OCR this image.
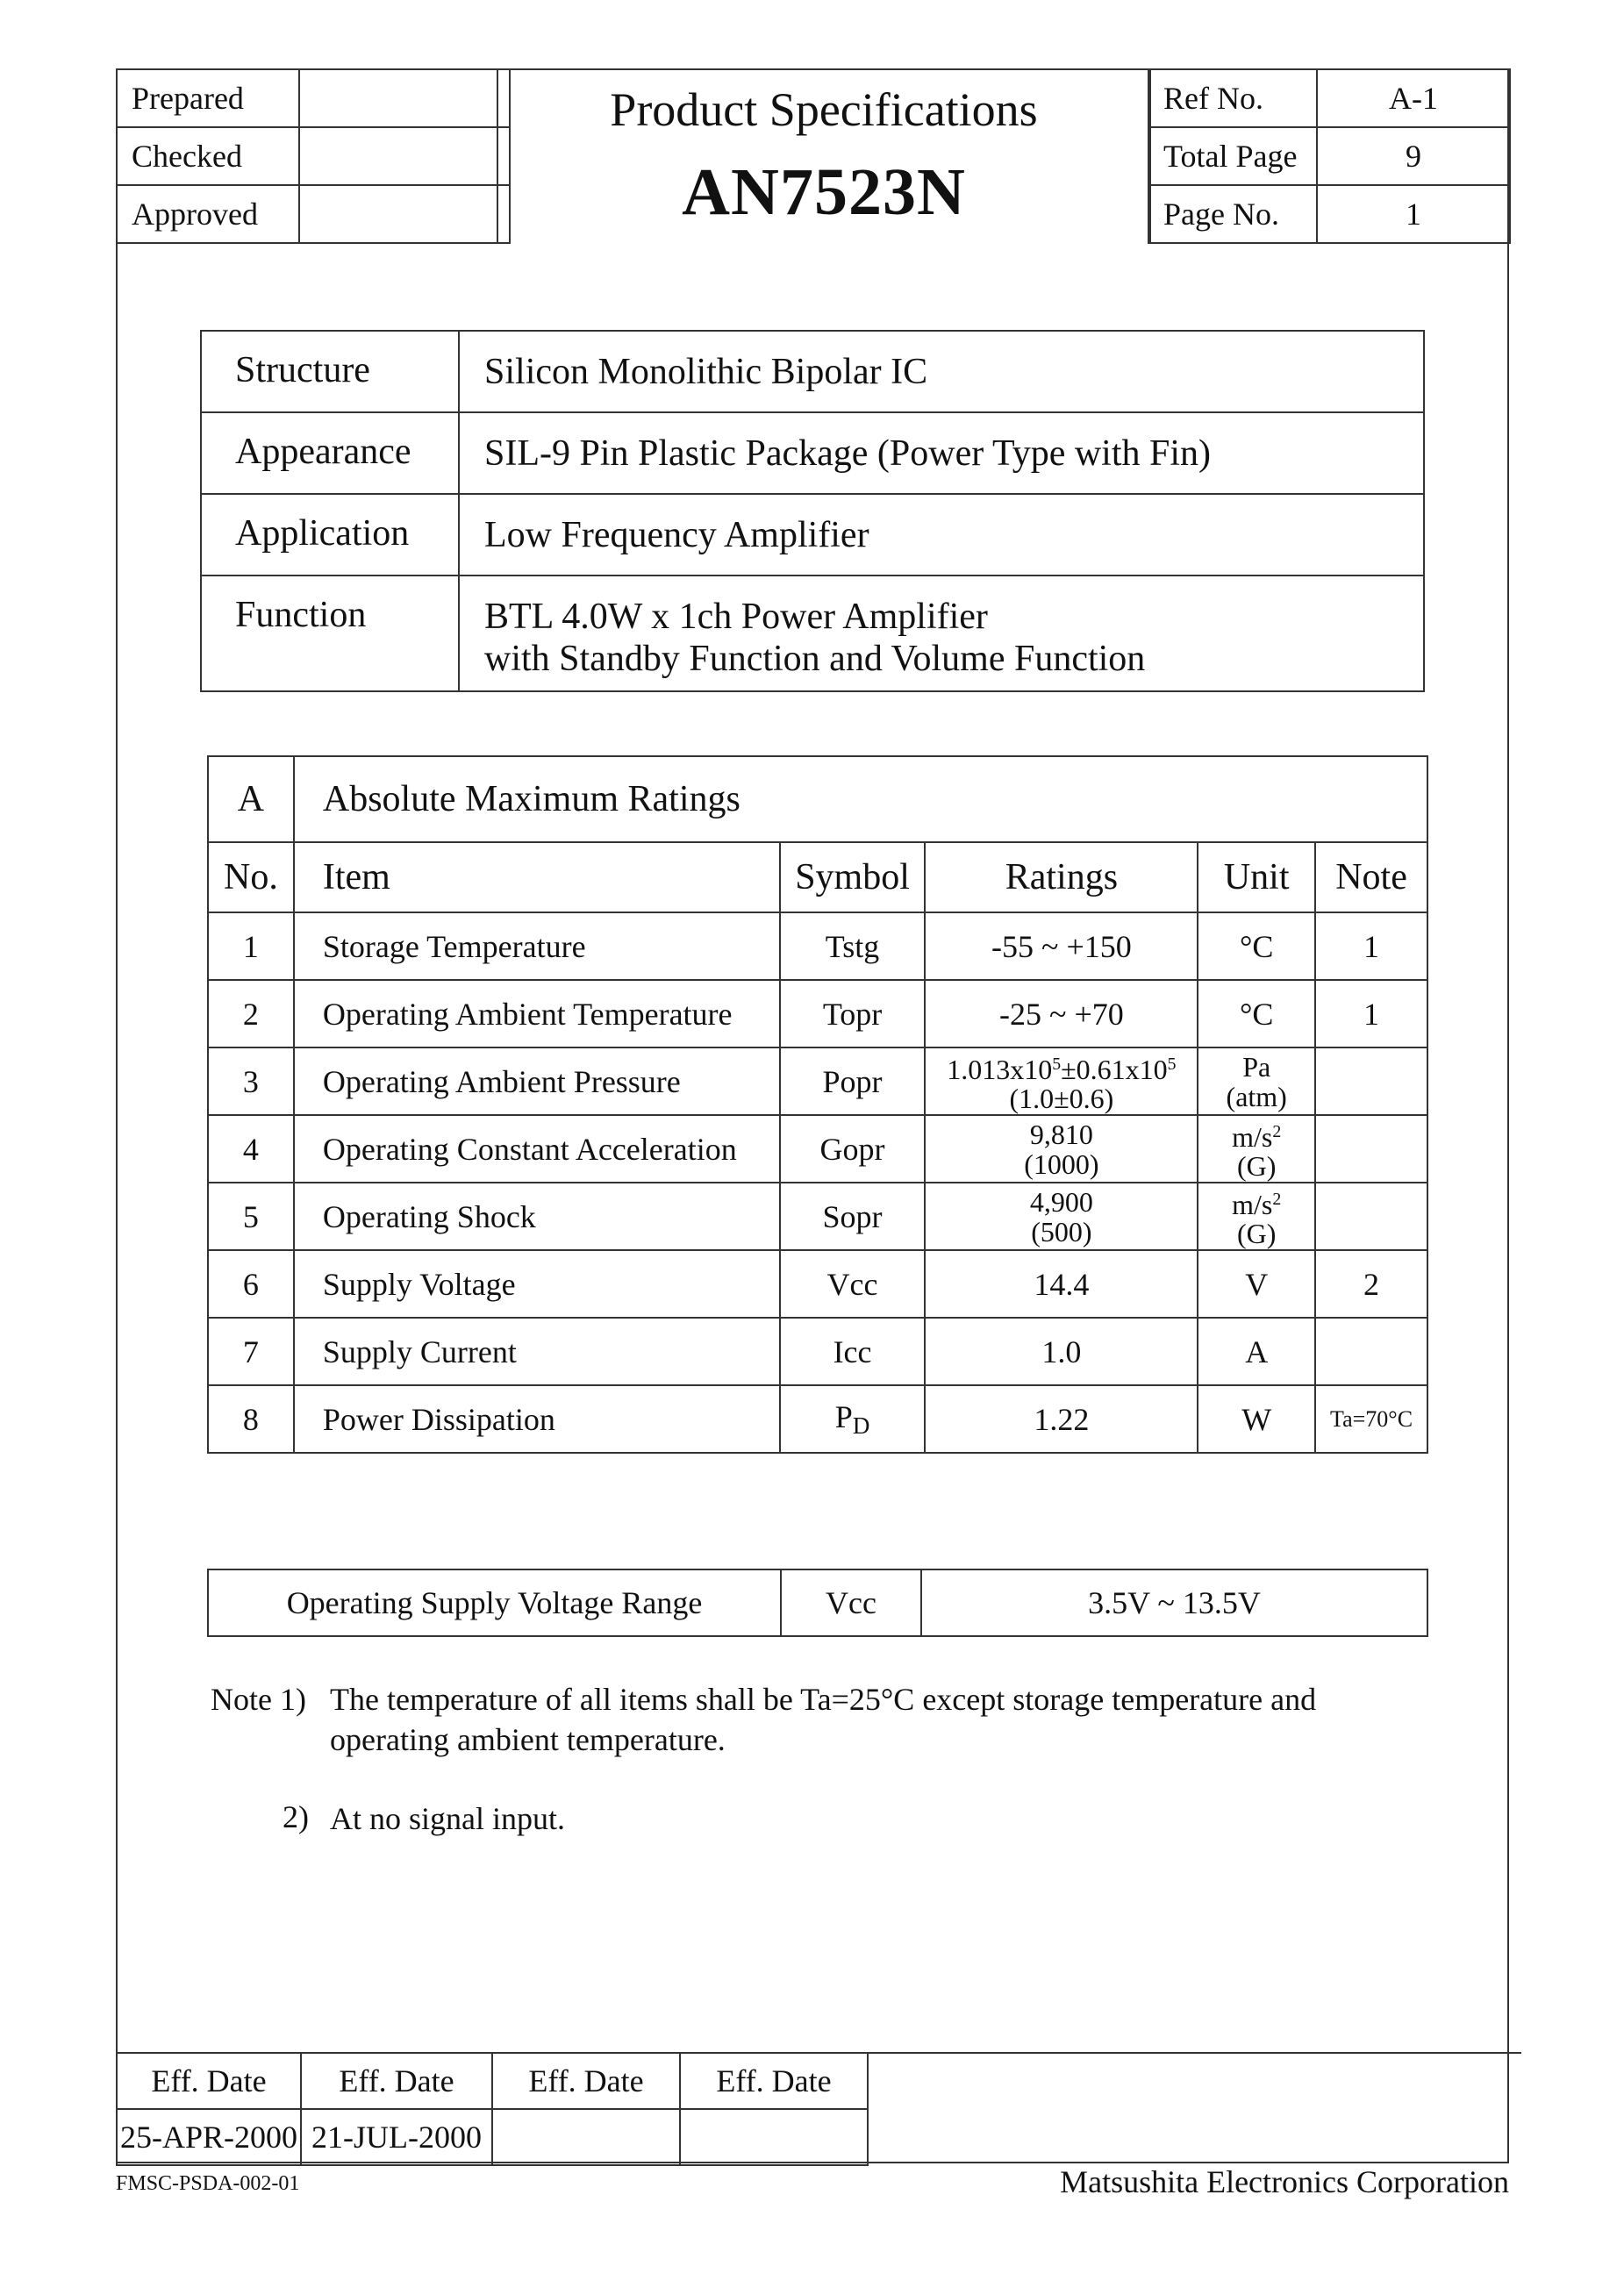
Prepared	
Checked	
Approved	
Product Specifications
AN7523N
Ref No.	A-1
Total Page	9
Page No.	1
Structure	Silicon Monolithic Bipolar IC
Appearance	SIL-9 Pin Plastic Package (Power Type with Fin)
Application	Low Frequency Amplifier
Function	BTL 4.0W x 1ch Power Amplifier
with Standby Function and Volume Function
A	Absolute Maximum Ratings
No.	Item	Symbol	Ratings	Unit	Note
1	Storage Temperature	Tstg	-55 ~ +150	°C	1
2	Operating Ambient Temperature	Topr	-25 ~ +70	°C	1
3	Operating Ambient Pressure	Popr	$1.013x10^5\pm 0.61x10^5$
(1.0±0.6)

Pa
(atm)

4	Operating Constant Acceleration	Gopr	9,810
(1000)

$m/s^2$
(G)

5	Operating Shock	Sopr	4,900
(500)

$m/s^2$
(G)

6	Supply Voltage	Vcc	14.4	V	2
7	Supply Current	Icc	1.0	A	
8	Power Dissipation	$P_D$	1.22	W	Ta=70°C
Operating Supply Voltage Range	Vcc	3.5V ~ 13.5V
Note 1) The temperature of all items shall be Ta=25°C except storage temperature and
operating ambient temperature.
2) At no signal input.
Eff. Date	Eff. Date	Eff. Date	Eff. Date	
25-APR-2000	21-JUL-2000		
FMSC-PSDA-002-01	Matsushita Electronics Corporation
